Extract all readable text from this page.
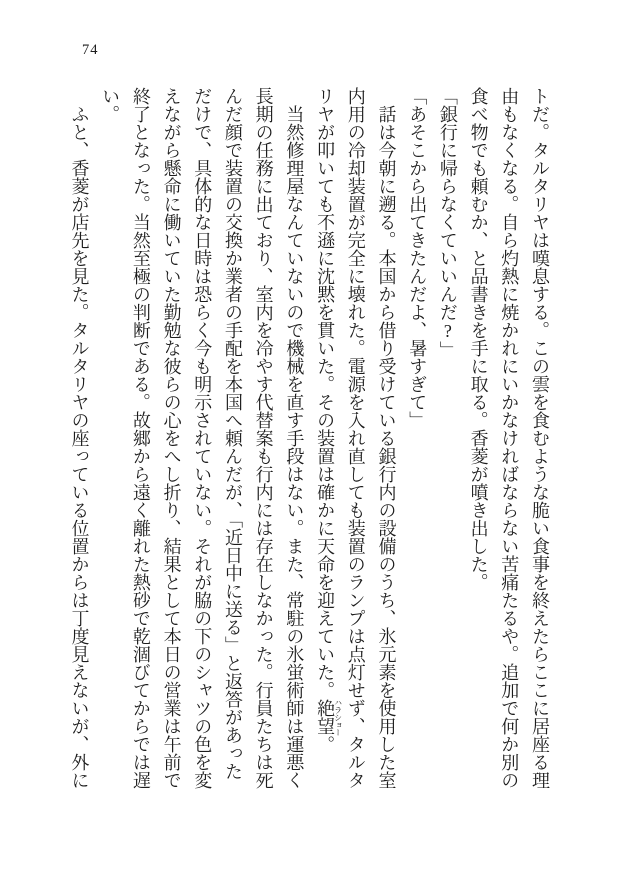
74

トだ。タルタリヤは嘆息する。この雲を食むような脆い食事を終えたらここに居座る理由もなくなる。自ら灼熱に焼かれにいかなければならない苦痛たるや。追加で何か別の食べ物でも頼むか、と品書きを手に取る。香菱が噴き出した。

「銀行に帰らなくていいんだ?」

「あそこから出てきたんだよ、暑すぎて」

話は今朝に遡る。本国から借り受けている銀行内の設備のうち、氷元素を使用した室内用の冷却装置が完全に壊れた。電源を入れ直しても装置のランプは点灯せず、タルタリヤが叩いても不遜に沈黙を貫いた。その装置は確かに天命を迎えていた。絶望ハラショー。

当然修理屋なんていないので機械を直す手段はない。また、常駐の氷蛍術師は運悪く長期の任務に出ており、室内を冷やす代替案も行内には存在しなかった。行員たちは死んだ顔で装置の交換か業者の手配を本国へ頼んだが、「近日中に送る」と返答があっただけで、具体的な日時は恐らく今も明示されていない。それが脇の下のシャツの色を変えながら懸命に働いていた勤勉な彼らの心をへし折り、結果として本日の営業は午前で終了となった。当然至極の判断である。故郷から遠く離れた熱砂で乾涸びてからでは遅い。

ふと、香菱が店先を見た。タルタリヤの座っている位置からは丁度見えないが、外に
